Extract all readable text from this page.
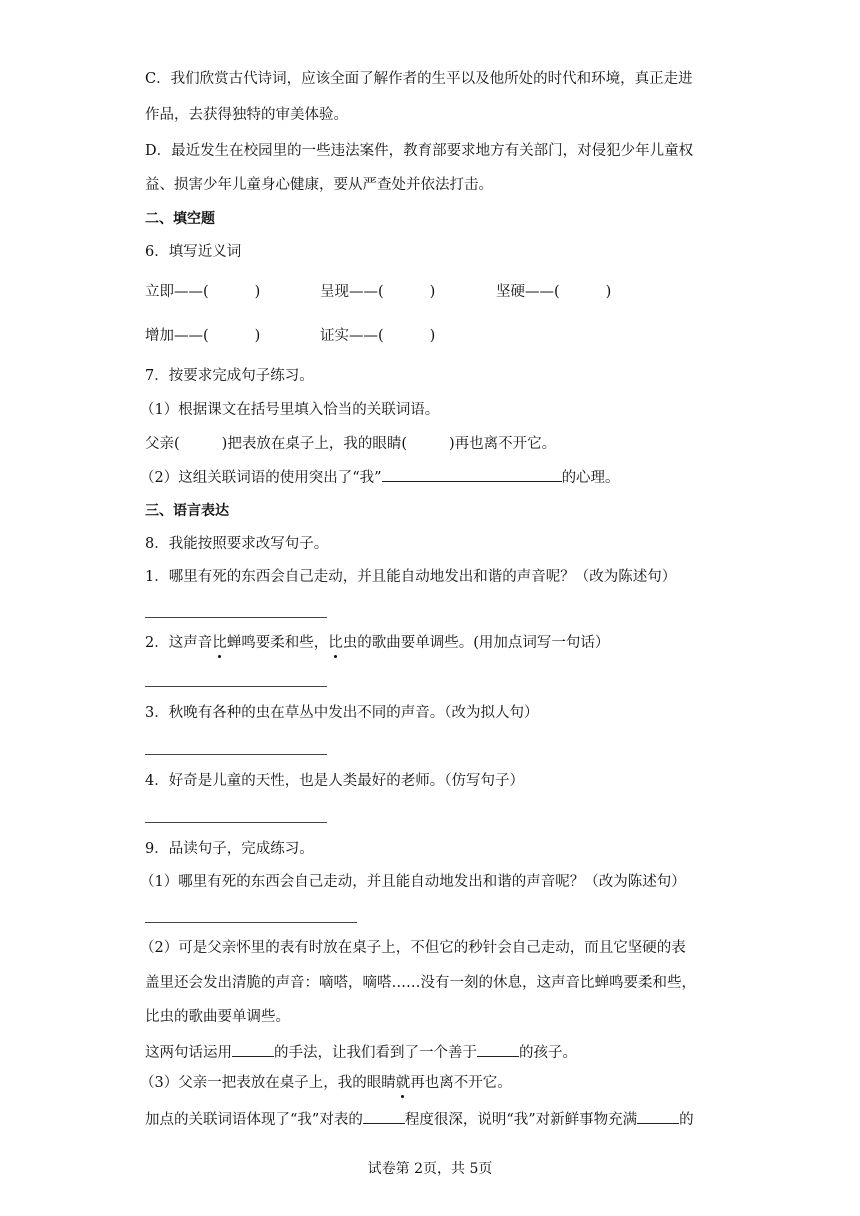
C．我们欣赏古代诗词，应该全面了解作者的生平以及他所处的时代和环境，真正走进
作品，去获得独特的审美体验。
D．最近发生在校园里的一些违法案件，教育部要求地方有关部门，对侵犯少年儿童权
益、损害少年儿童身心健康，要从严查处并依法打击。
二、填空题
6．填写近义词
立即——(	)	呈现——(	)	坚硬——(	)
增加——(	)	证实——(	)
7．按要求完成句子练习。
（1）根据课文在括号里填入恰当的关联词语。
父亲(	)把表放在桌子上，我的眼睛(	)再也离不开它。
（2）这组关联词语的使用突出了“我”	的心理。
三、语言表达
8．我能按照要求改写句子。
1．哪里有死的东西会自己走动，并且能自动地发出和谐的声音呢？（改为陈述句）
2．这声音比蝉鸣要柔和些，比虫的歌曲要单调些。(用加点词写一句话）
3．秋晚有各种的虫在草丛中发出不同的声音。（改为拟人句）
4．好奇是儿童的天性，也是人类最好的老师。（仿写句子）
9．品读句子，完成练习。
（1）哪里有死的东西会自己走动，并且能自动地发出和谐的声音呢？（改为陈述句）
（2）可是父亲怀里的表有时放在桌子上，不但它的秒针会自己走动，而且它坚硬的表
盖里还会发出清脆的声音：嘀嗒，嘀嗒……没有一刻的休息，这声音比蝉鸣要柔和些，
比虫的歌曲要单调些。
这两句话运用	的手法，让我们看到了一个善于	的孩子。
（3）父亲一把表放在桌子上，我的眼睛就再也离不开它。
加点的关联词语体现了“我”对表的	程度很深，说明“我”对新鲜事物充满	的
试卷第 2页，共 5页
